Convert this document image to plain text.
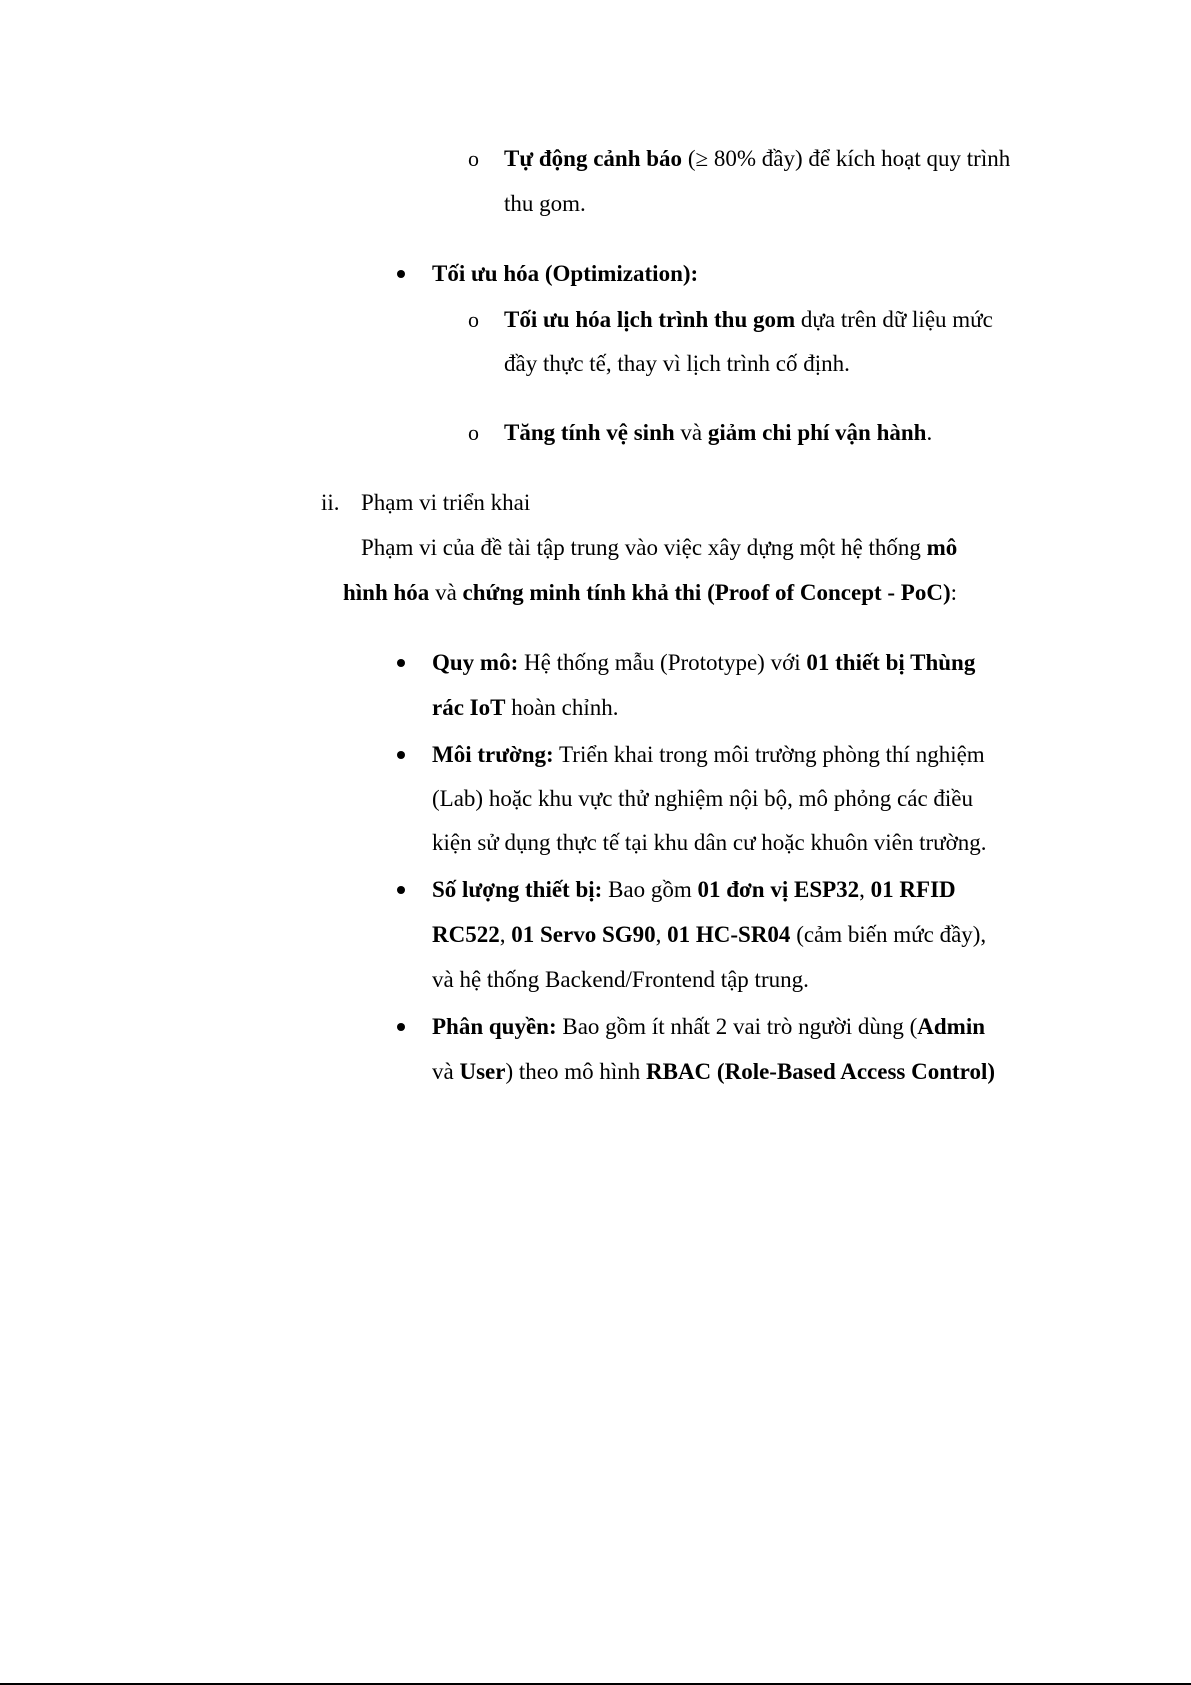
o Tự động cảnh báo (≥ 80% đầy) để kích hoạt quy trình
thu gom.
Tối ưu hóa (Optimization):
o Tối ưu hóa lịch trình thu gom dựa trên dữ liệu mức
đầy thực tế, thay vì lịch trình cố định.
o Tăng tính vệ sinh và giảm chi phí vận hành.
ii. Phạm vi triển khai
Phạm vi của đề tài tập trung vào việc xây dựng một hệ thống mô
hình hóa và chứng minh tính khả thi (Proof of Concept - PoC):
Quy mô: Hệ thống mẫu (Prototype) với 01 thiết bị Thùng
rác IoT hoàn chỉnh.
Môi trường: Triển khai trong môi trường phòng thí nghiệm
(Lab) hoặc khu vực thử nghiệm nội bộ, mô phỏng các điều
kiện sử dụng thực tế tại khu dân cư hoặc khuôn viên trường.
Số lượng thiết bị: Bao gồm 01 đơn vị ESP32, 01 RFID
RC522, 01 Servo SG90, 01 HC-SR04 (cảm biến mức đầy),
và hệ thống Backend/Frontend tập trung.
Phân quyền: Bao gồm ít nhất 2 vai trò người dùng (Admin
và User) theo mô hình RBAC (Role-Based Access Control)
